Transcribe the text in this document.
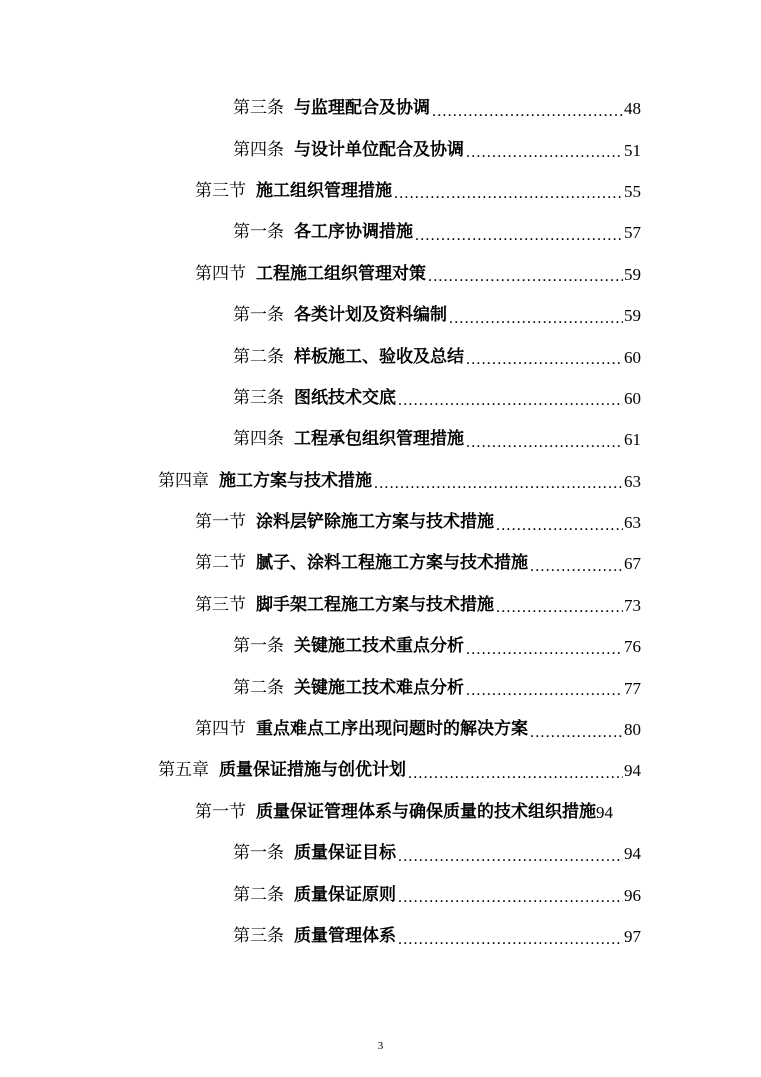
第三条 与监理配合及协调 .....	48
第四条 与设计单位配合及协调 .....	51
第三节 施工组织管理措施 .....	55
第一条 各工序协调措施 .....	57
第四节 工程施工组织管理对策 .....	59
第一条 各类计划及资料编制 .....	59
第二条 样板施工、验收及总结 .....	60
第三条 图纸技术交底 .....	60
第四条 工程承包组织管理措施 .....	61
第四章 施工方案与技术措施 .....	63
第一节 涂料层铲除施工方案与技术措施 .....	63
第二节 腻子、涂料工程施工方案与技术措施 .....	67
第三节 脚手架工程施工方案与技术措施 .....	73
第一条 关键施工技术重点分析 .....	76
第二条 关键施工技术难点分析 .....	77
第四节 重点难点工序出现问题时的解决方案 .....	80
第五章 质量保证措施与创优计划 .....	94
第一节 质量保证管理体系与确保质量的技术组织措施 94
第一条 质量保证目标 .....	94
第二条 质量保证原则 .....	96
第三条 质量管理体系 .....	97
3
